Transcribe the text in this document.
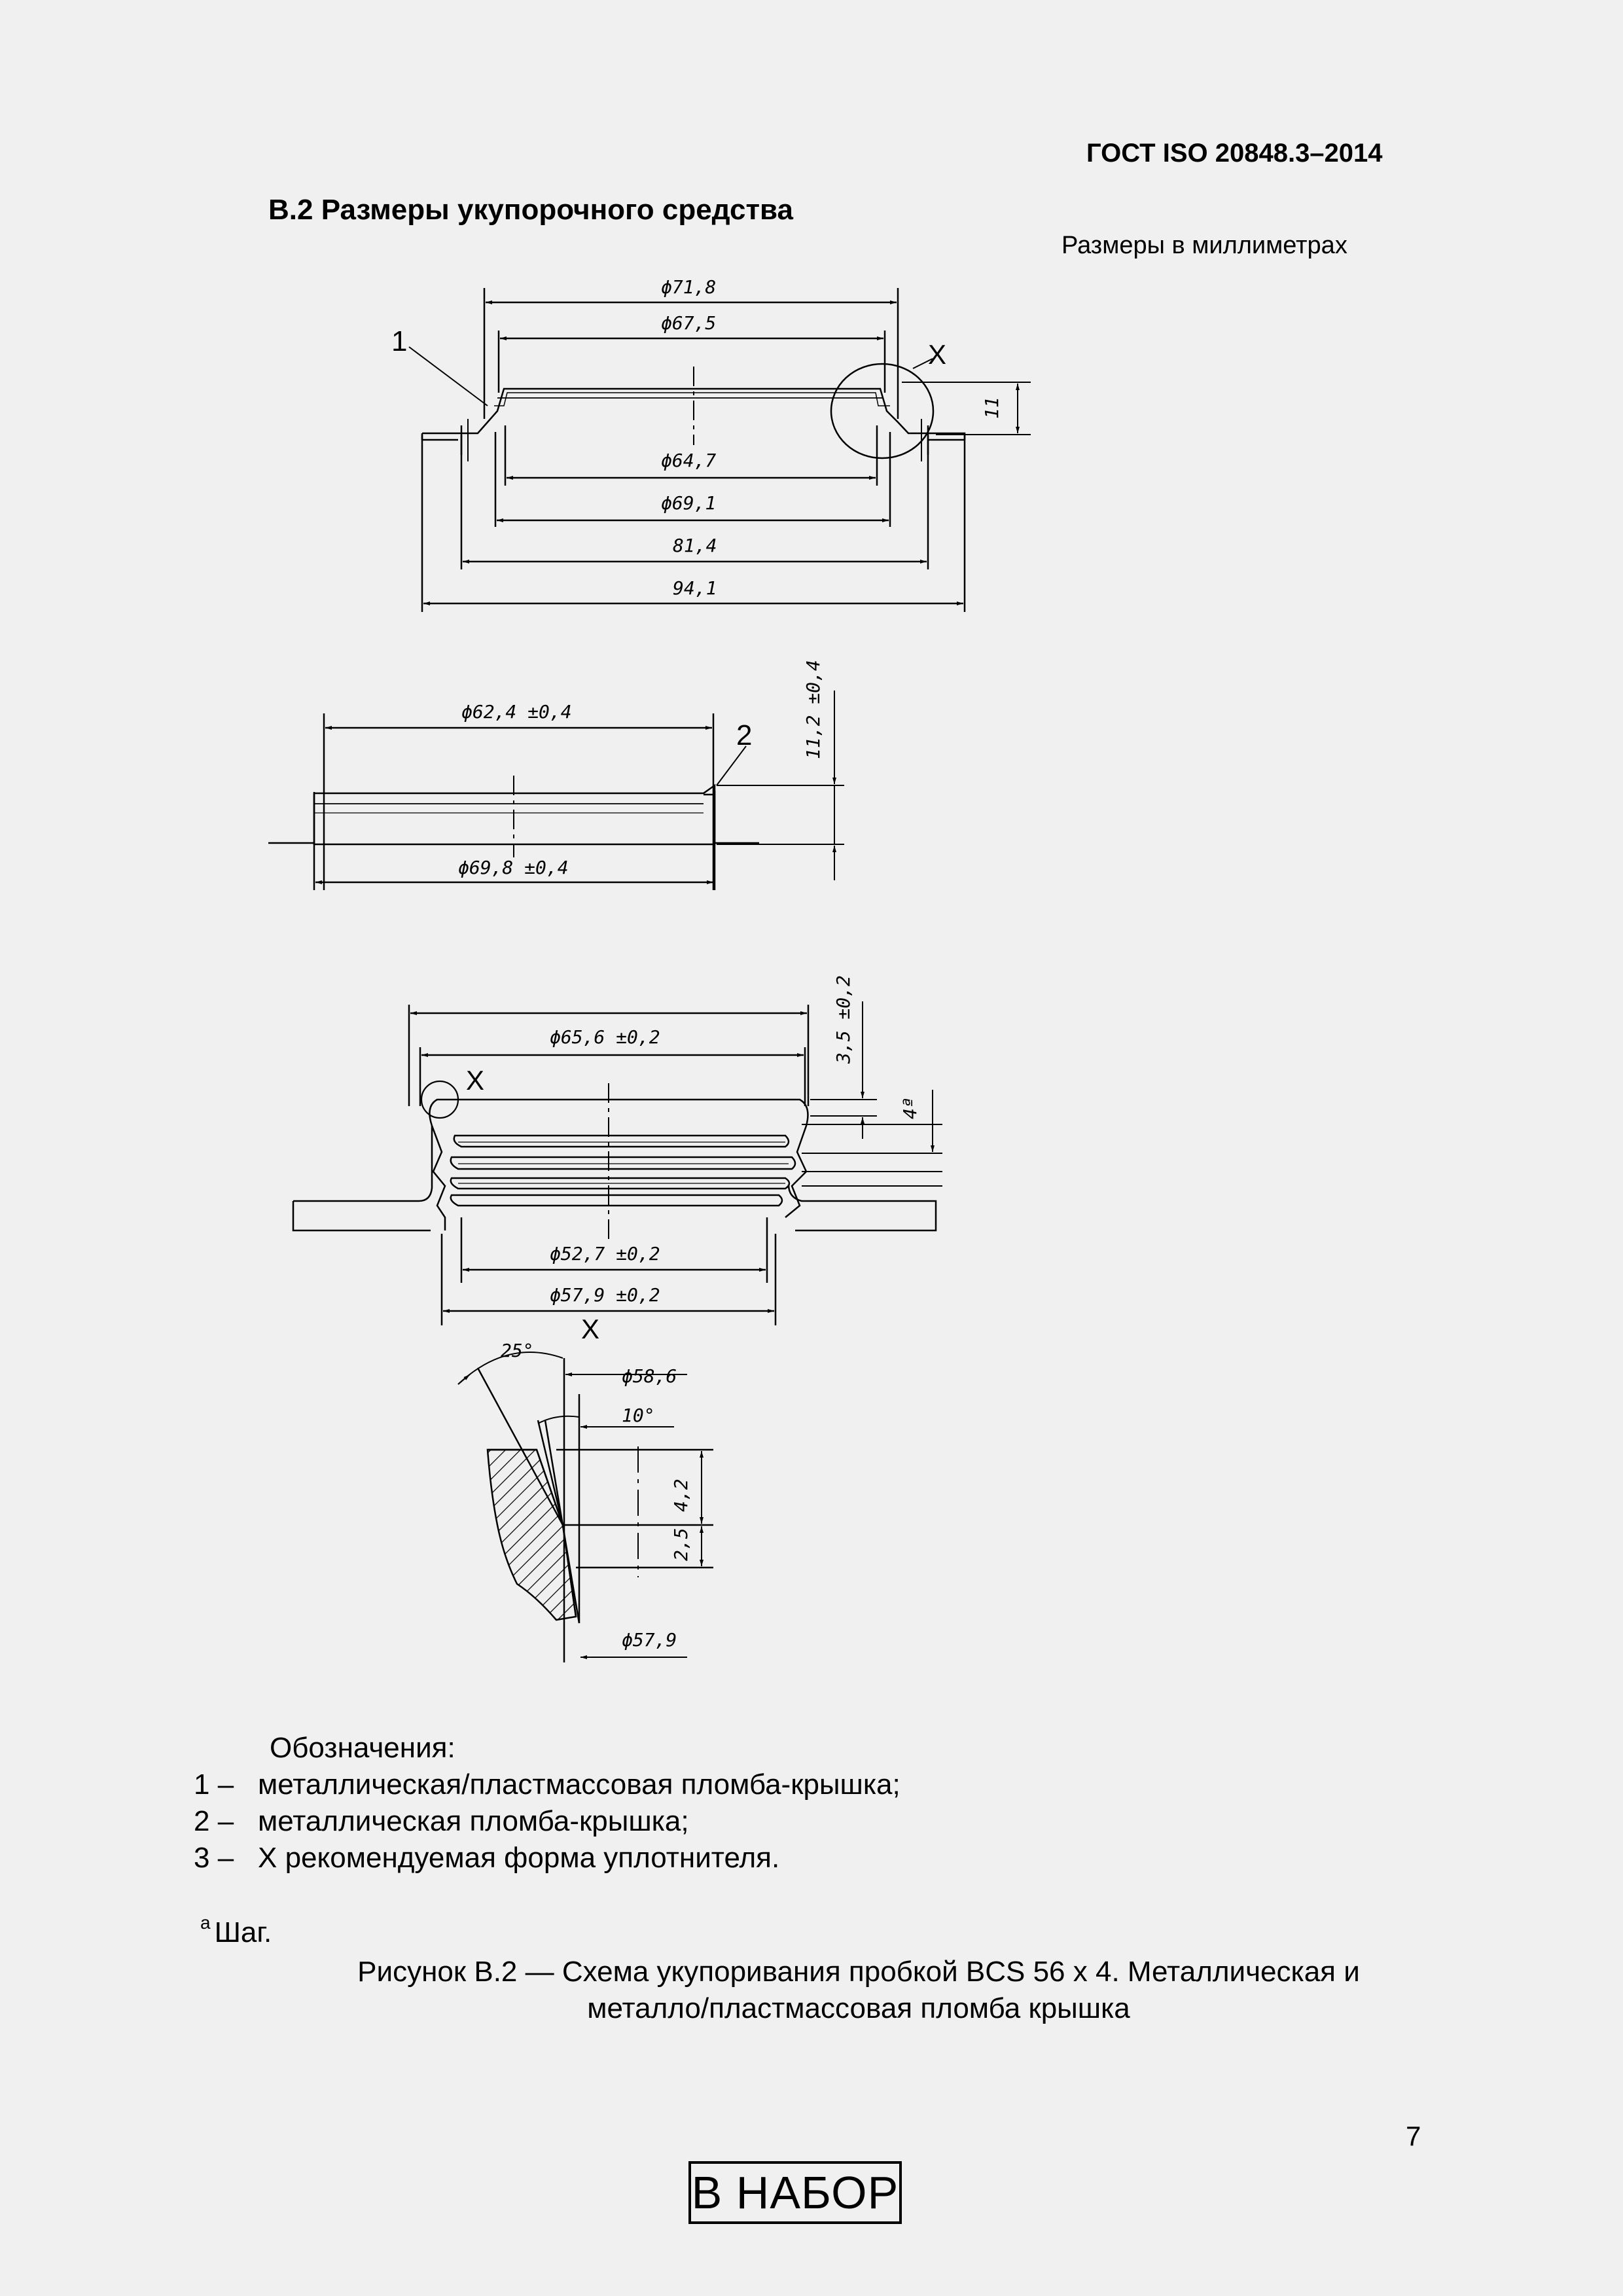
ГОСТ ISO 20848.3–2014
B.2 Размеры укупорочного средства
Размеры в миллиметрах
ϕ71,8
ϕ67,5
ϕ64,7
ϕ69,1
81,4
94,1
11
1	X
ϕ62,4 ±0,4
ϕ69,8 ±0,4
11,2 ±0,4
2
ϕ65,6 ±0,2
ϕ52,7 ±0,2
ϕ57,9 ±0,2
3,5 ±0,2
4ª
X
X
25°
10°
ϕ58,6
4,2
2,5
ϕ57,9
Обозначения:
1 – металлическая/пластмассовая пломба-крышка;
2 – металлическая пломба-крышка;
3 – X рекомендуемая форма уплотнителя.
$^a$ Шаг.
Рисунок B.2 — Схема укупоривания пробкой BCS 56 x 4. Металлическая и
металло/пластмассовая пломба крышка
7
В НАБОР
